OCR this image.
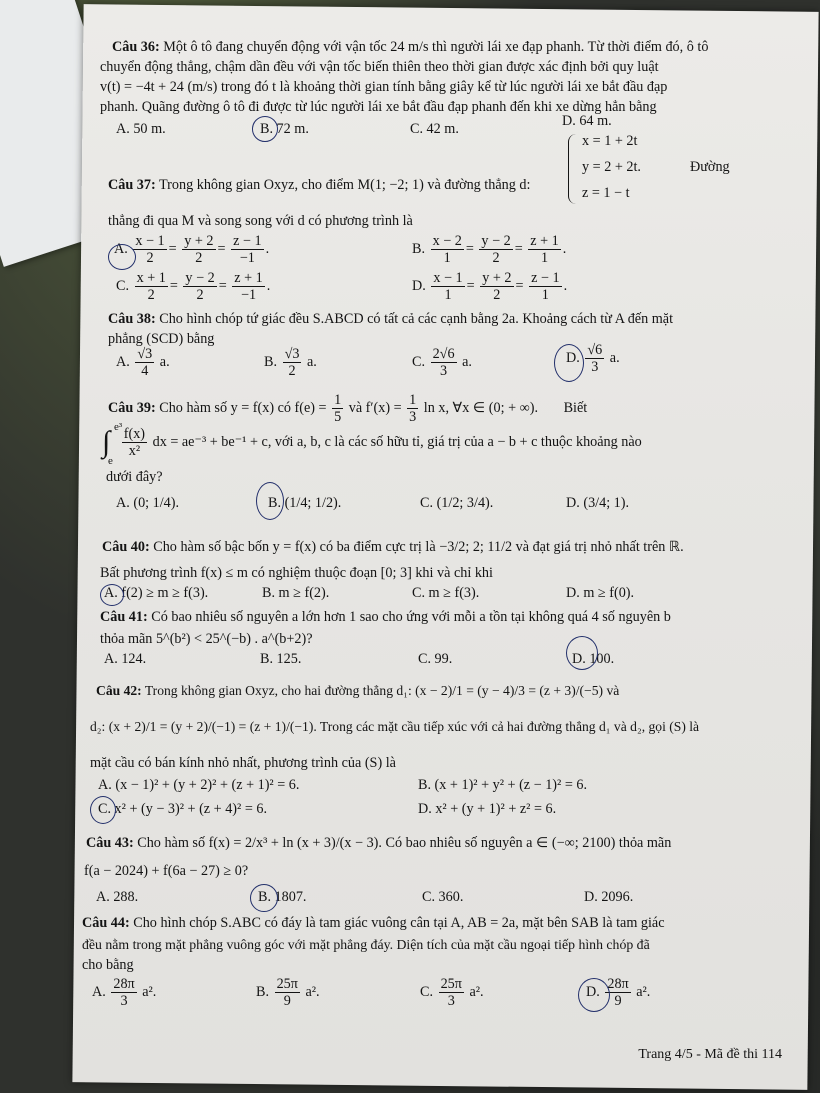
Câu 36: Một ô tô đang chuyển động với vận tốc 24 m/s thì người lái xe đạp phanh. Từ thời điểm đó, ô tô
chuyển động thẳng, chậm dần đều với vận tốc biến thiên theo thời gian được xác định bởi quy luật
v(t) = −4t + 24 (m/s) trong đó t là khoảng thời gian tính bằng giây kể từ lúc người lái xe bắt đầu đạp
phanh. Quãng đường ô tô đi được từ lúc người lái xe bắt đầu đạp phanh đến khi xe dừng hẳn bằng
A. 50 m.	B. 72 m.	C. 42 m.	D. 64 m.
Câu 37: Trong không gian Oxyz, cho điểm M(1; −2; 1) và đường thẳng d:
x = 1 + 2t
y = 2 + 2t.
z = 1 − t
Đường
thẳng đi qua M và song song với d có phương trình là
A. $\frac{x - 1}{2} = \frac{y + 2}{2} = \frac{z - 1}{-1}$ .	B. $\frac{x - 2}{1} = \frac{y - 2}{2} = \frac{z + 1}{1}$ .
C. $\frac{x + 1}{2} = \frac{y - 2}{2} = \frac{z + 1}{-1}$ .	D. $\frac{x - 1}{1} = \frac{y + 2}{2} = \frac{z - 1}{1}$ .
Câu 38: Cho hình chóp tứ giác đều S.ABCD có tất cả các cạnh bằng 2a. Khoảng cách từ A đến mặt
phẳng (SCD) bằng
A. $\frac{√3}{4} a$.	B. $\frac{√3}{2} a$.	C. $\frac{2√6}{3} a$.	D. $\frac{√6}{3} a$.
Câu 39: Cho hàm số y = f(x) có $f(e) = \frac{1}{5}$ và $f'(x) = \frac{1}{3}$ ln x, ∀x ∈ (0; + ∞). Biết
∫ e³
e

$\frac{f(x)}{\text{x²}}$ dx = ae⁻³ + be⁻¹ + c, với a, b, c là các số hữu tỉ, giá trị của a − b + c thuộc khoảng nào
dưới đây?
A. (0; 1/4).	B. (1/4; 1/2).	C. (1/2; 3/4).	D. (3/4; 1).
Câu 40: Cho hàm số bậc bốn y = f(x) có ba điểm cực trị là −3/2; 2; 11/2 và đạt giá trị nhỏ nhất trên ℝ.
Bất phương trình f(x) ≤ m có nghiệm thuộc đoạn [0; 3] khi và chỉ khi
A. f(2) ≥ m ≥ f(3).	B. m ≥ f(2).	C. m ≥ f(3).	D. m ≥ f(0).
Câu 41: Có bao nhiêu số nguyên a lớn hơn 1 sao cho ứng với mỗi a tồn tại không quá 4 số nguyên b
thỏa mãn 5^(b²) < 25^(−b) . a^(b+2)?
A. 124.	B. 125.	C. 99.	D. 100.
Câu 42: Trong không gian Oxyz, cho hai đường thẳng d₁: (x − 2)/1 = (y − 4)/3 = (z + 3)/(−5) và
d₂: (x + 2)/1 = (y + 2)/(−1) = (z + 1)/(−1). Trong các mặt cầu tiếp xúc với cả hai đường thẳng d₁ và d₂, gọi (S) là
mặt cầu có bán kính nhỏ nhất, phương trình của (S) là
A. (x − 1)² + (y + 2)² + (z + 1)² = 6.	B. (x + 1)² + y² + (z − 1)² = 6.
C. x² + (y − 3)² + (z + 4)² = 6.	D. x² + (y + 1)² + z² = 6.
Câu 43: Cho hàm số f(x) = 2/x³ + ln (x + 3)/(x − 3). Có bao nhiêu số nguyên a ∈ (−∞; 2100) thỏa mãn
f(a − 2024) + f(6a − 27) ≥ 0?
A. 288.	B. 1807.	C. 360.	D. 2096.
Câu 44: Cho hình chóp S.ABC có đáy là tam giác vuông cân tại A, AB = 2a, mặt bên SAB là tam giác
đều nằm trong mặt phẳng vuông góc với mặt phẳng đáy. Diện tích của mặt cầu ngoại tiếp hình chóp đã
cho bằng
A. $\frac{28\pi}{3} a^2$.	B. $\frac{25\pi}{9} a^2$.	C. $\frac{25\pi}{3} a^2$.	D. $\frac{28\pi}{9} a^2$.
Trang 4/5 - Mã đề thi 114
